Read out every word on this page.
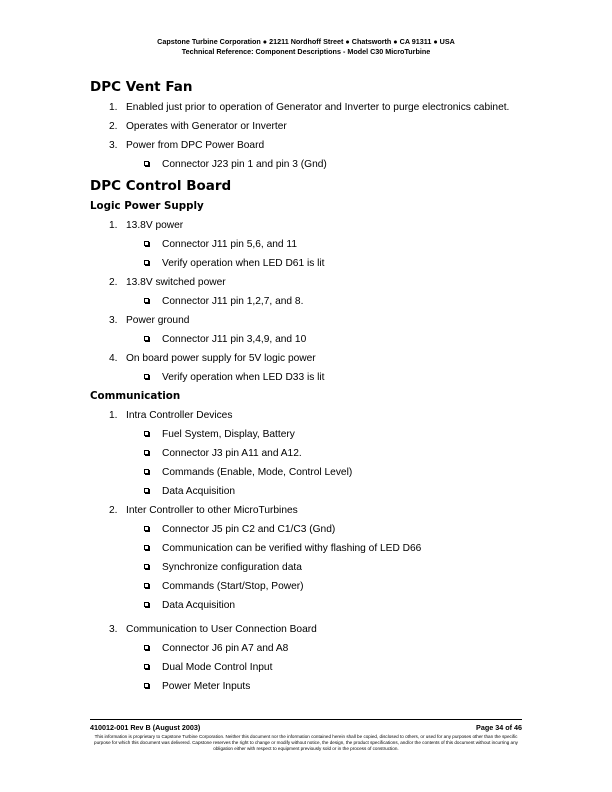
Capstone Turbine Corporation ● 21211 Nordhoff Street ● Chatsworth ● CA 91311 ● USA
Technical Reference: Component Descriptions - Model C30 MicroTurbine
DPC Vent Fan
1. Enabled just prior to operation of Generator and Inverter to purge electronics cabinet.
2. Operates with Generator or Inverter
3. Power from DPC Power Board
Connector J23 pin 1 and pin 3 (Gnd)
DPC Control Board
Logic Power Supply
1. 13.8V power
Connector J11 pin 5,6, and 11
Verify operation when LED D61 is lit
2. 13.8V switched power
Connector J11 pin 1,2,7, and 8.
3. Power ground
Connector J11 pin 3,4,9, and 10
4. On board power supply for 5V logic power
Verify operation when LED D33 is lit
Communication
1. Intra Controller Devices
Fuel System, Display, Battery
Connector J3 pin A11 and A12.
Commands (Enable, Mode, Control Level)
Data Acquisition
2. Inter Controller to other MicroTurbines
Connector J5 pin C2 and C1/C3 (Gnd)
Communication can be verified withy flashing of LED D66
Synchronize configuration data
Commands (Start/Stop, Power)
Data Acquisition
3. Communication to User Connection Board
Connector J6 pin A7 and A8
Dual Mode Control Input
Power Meter Inputs
410012-001 Rev B (August 2003)	Page 34 of 46
This information is proprietary to Capstone Turbine Corporation. Neither this document nor the information contained herein shall be copied, disclosed to others, or used for any purposes other than the specific purpose for which this document was delivered. Capstone reserves the right to change or modify without notice, the design, the product specifications, and/or the contents of this document without incurring any obligation either with respect to equipment previously sold or in the process of construction.
